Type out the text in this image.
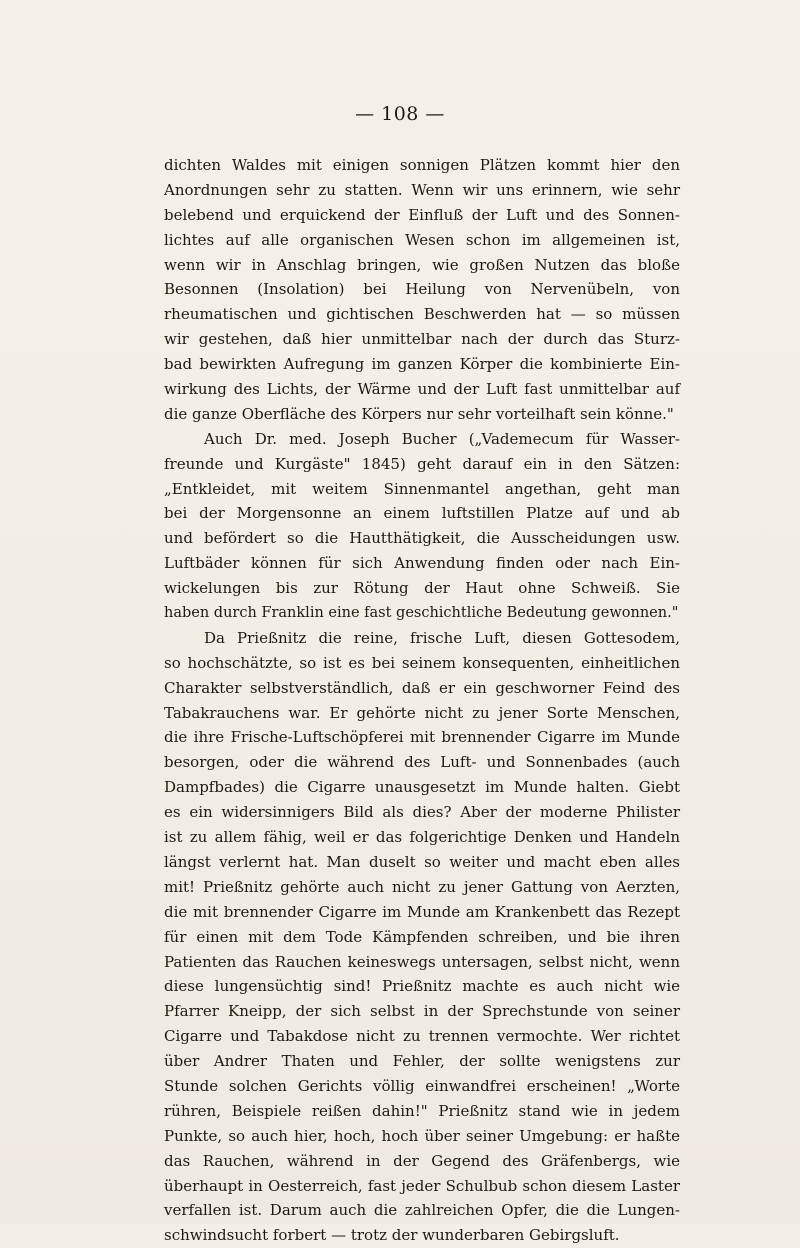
— 108 —
dichten Waldes mit einigen sonnigen Plätzen kommt hier den
Anordnungen sehr zu statten. Wenn wir uns erinnern, wie sehr
belebend und erquickend der Einfluß der Luft und des Sonnen-
lichtes auf alle organischen Wesen schon im allgemeinen ist,
wenn wir in Anschlag bringen, wie großen Nutzen das bloße
Besonnen (Insolation) bei Heilung von Nervenübeln, von
rheumatischen und gichtischen Beschwerden hat — so müssen
wir gestehen, daß hier unmittelbar nach der durch das Sturz-
bad bewirkten Aufregung im ganzen Körper die kombinierte Ein-
wirkung des Lichts, der Wärme und der Luft fast unmittelbar auf
die ganze Oberfläche des Körpers nur sehr vorteilhaft sein könne."
Auch Dr. med. Joseph Bucher („Vademecum für Wasser-
freunde und Kurgäste" 1845) geht darauf ein in den Sätzen:
„Entkleidet, mit weitem Sinnenmantel angethan, geht man
bei der Morgensonne an einem luftstillen Platze auf und ab
und befördert so die Hautthätigkeit, die Ausscheidungen usw.
Luftbäder können für sich Anwendung finden oder nach Ein-
wickelungen bis zur Rötung der Haut ohne Schweiß. Sie
haben durch Franklin eine fast geschichtliche Bedeutung gewonnen."
Da Prießnitz die reine, frische Luft, diesen Gottesodem,
so hochschätzte, so ist es bei seinem konsequenten, einheitlichen
Charakter selbstverständlich, daß er ein geschworner Feind des
Tabakrauchens war. Er gehörte nicht zu jener Sorte Menschen,
die ihre Frische-Luftschöpferei mit brennender Cigarre im Munde
besorgen, oder die während des Luft- und Sonnenbades (auch
Dampfbades) die Cigarre unausgesetzt im Munde halten. Giebt
es ein widersinnigers Bild als dies? Aber der moderne Philister
ist zu allem fähig, weil er das folgerichtige Denken und Handeln
längst verlernt hat. Man duselt so weiter und macht eben alles
mit! Prießnitz gehörte auch nicht zu jener Gattung von Aerzten,
die mit brennender Cigarre im Munde am Krankenbett das Rezept
für einen mit dem Tode Kämpfenden schreiben, und bie ihren
Patienten das Rauchen keineswegs untersagen, selbst nicht, wenn
diese lungensüchtig sind! Prießnitz machte es auch nicht wie
Pfarrer Kneipp, der sich selbst in der Sprechstunde von seiner
Cigarre und Tabakdose nicht zu trennen vermochte. Wer richtet
über Andrer Thaten und Fehler, der sollte wenigstens zur
Stunde solchen Gerichts völlig einwandfrei erscheinen! „Worte
rühren, Beispiele reißen dahin!" Prießnitz stand wie in jedem
Punkte, so auch hier, hoch, hoch über seiner Umgebung: er haßte
das Rauchen, während in der Gegend des Gräfenbergs, wie
überhaupt in Oesterreich, fast jeder Schulbub schon diesem Laster
verfallen ist. Darum auch die zahlreichen Opfer, die die Lungen-
schwindsucht forbert — trotz der wunderbaren Gebirgsluft.
